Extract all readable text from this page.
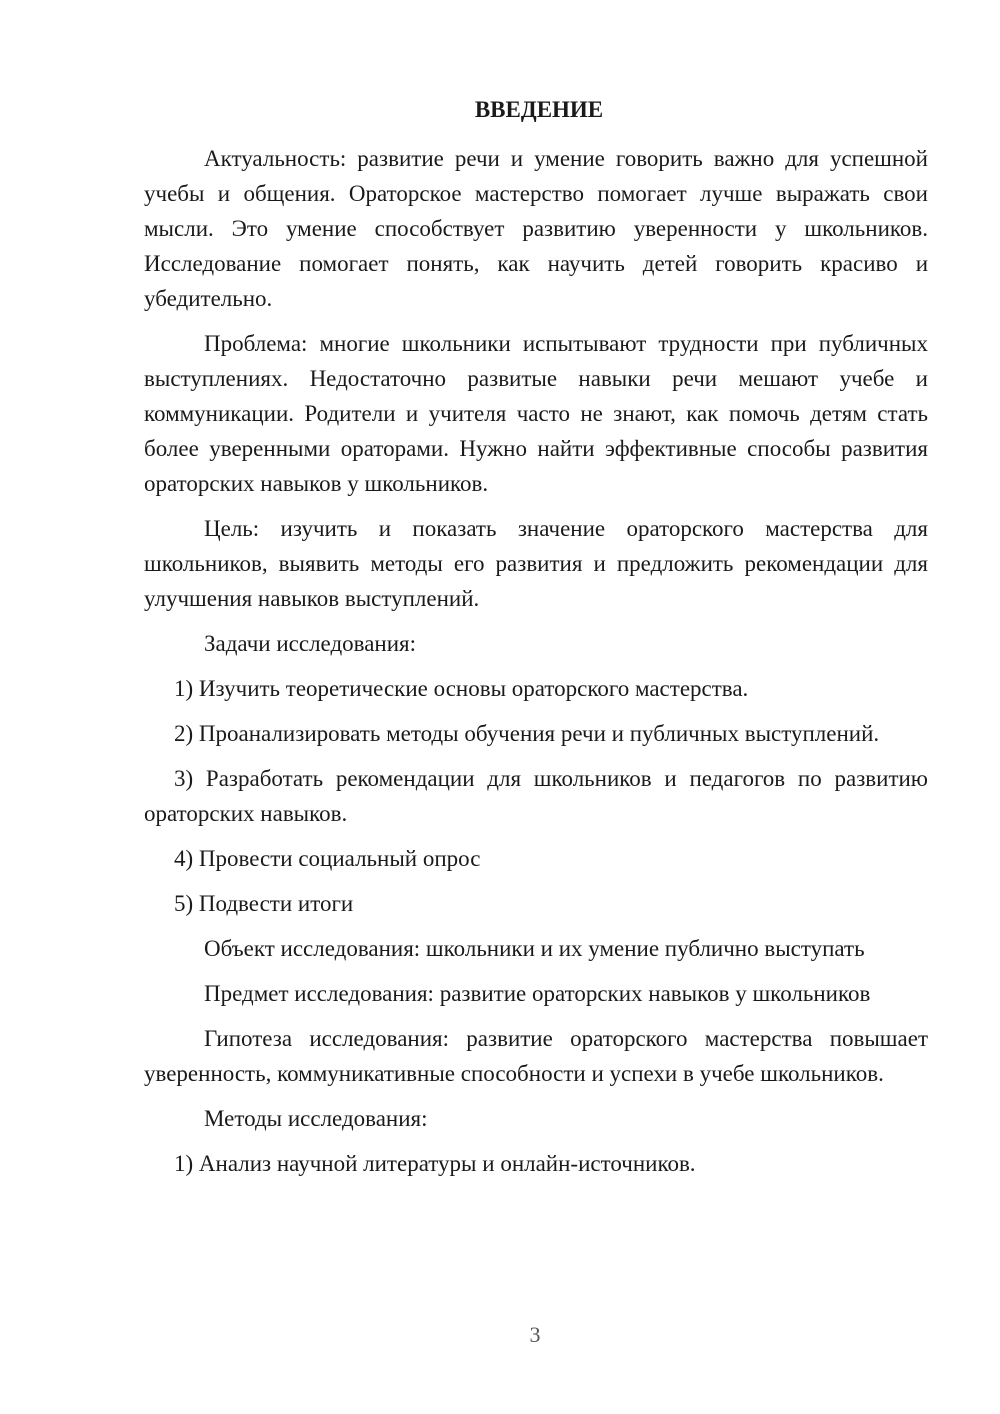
ВВЕДЕНИЕ

Актуальность: развитие речи и умение говорить важно для успешной учебы и общения. Ораторское мастерство помогает лучше выражать свои мысли. Это умение способствует развитию уверенности у школьников. Исследование помогает понять, как научить детей говорить красиво и убедительно.

Проблема: многие школьники испытывают трудности при публичных выступлениях. Недостаточно развитые навыки речи мешают учебе и коммуникации. Родители и учителя часто не знают, как помочь детям стать более уверенными ораторами. Нужно найти эффективные способы развития ораторских навыков у школьников.

Цель: изучить и показать значение ораторского мастерства для школьников, выявить методы его развития и предложить рекомендации для улучшения навыков выступлений.

Задачи исследования:

1) Изучить теоретические основы ораторского мастерства.

2) Проанализировать методы обучения речи и публичных выступлений.

3) Разработать рекомендации для школьников и педагогов по развитию ораторских навыков.

4) Провести социальный опрос

5) Подвести итоги

Объект исследования: школьники и их умение публично выступать

Предмет исследования: развитие ораторских навыков у школьников

Гипотеза исследования: развитие ораторского мастерства повышает уверенность, коммуникативные способности и успехи в учебе школьников.

Методы исследования:

1) Анализ научной литературы и онлайн-источников.

3
